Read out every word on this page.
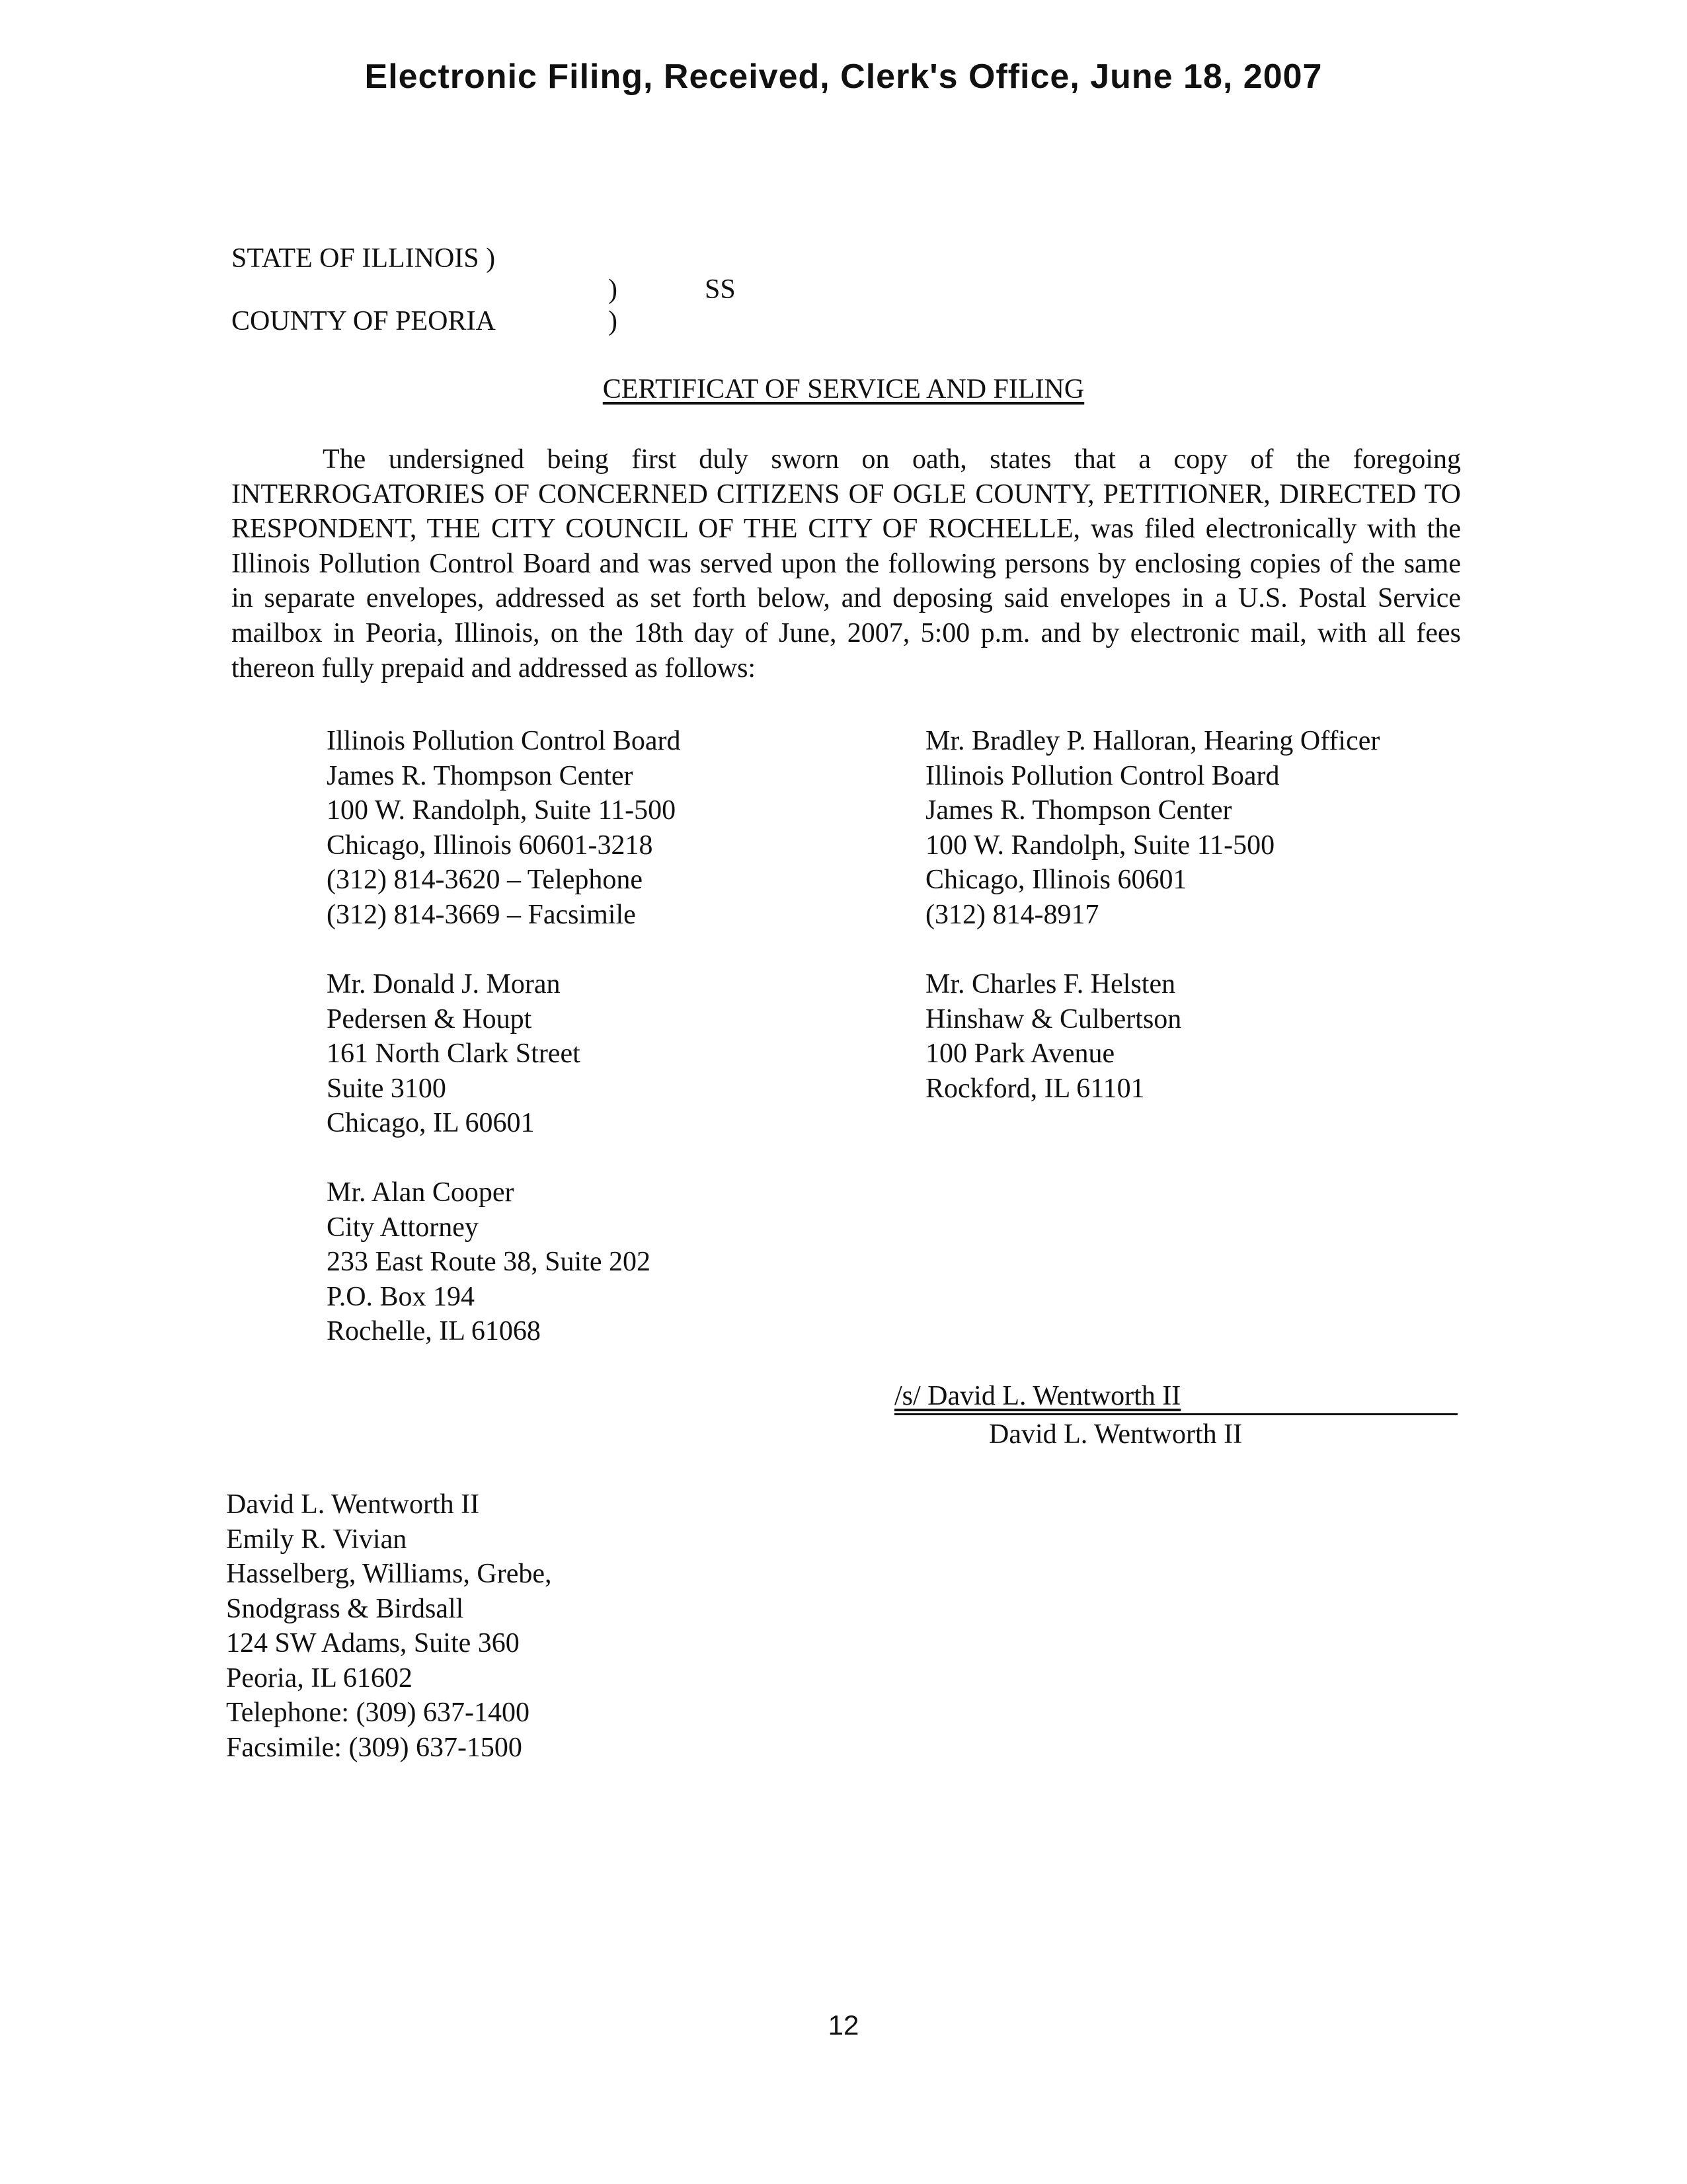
Electronic Filing, Received, Clerk's Office, June 18, 2007
STATE OF ILLINOIS )
)	SS
COUNTY OF PEORIA	)
CERTIFICAT OF SERVICE AND FILING
The undersigned being first duly sworn on oath, states that a copy of the foregoing INTERROGATORIES OF CONCERNED CITIZENS OF OGLE COUNTY, PETITIONER, DIRECTED TO RESPONDENT, THE CITY COUNCIL OF THE CITY OF ROCHELLE, was filed electronically with the Illinois Pollution Control Board and was served upon the following persons by enclosing copies of the same in separate envelopes, addressed as set forth below, and deposing said envelopes in a U.S. Postal Service mailbox in Peoria, Illinois, on the 18th day of June, 2007, 5:00 p.m. and by electronic mail, with all fees thereon fully prepaid and addressed as follows:
Illinois Pollution Control Board
James R. Thompson Center
100 W. Randolph, Suite 11-500
Chicago, Illinois 60601-3218
(312) 814-3620 – Telephone
(312) 814-3669 – Facsimile
Mr. Bradley P. Halloran, Hearing Officer
Illinois Pollution Control Board
James R. Thompson Center
100 W. Randolph, Suite 11-500
Chicago, Illinois 60601
(312) 814-8917
Mr. Donald J. Moran
Pedersen & Houpt
161 North Clark Street
Suite 3100
Chicago, IL 60601
Mr. Charles F. Helsten
Hinshaw & Culbertson
100 Park Avenue
Rockford, IL 61101
Mr. Alan Cooper
City Attorney
233 East Route 38, Suite 202
P.O. Box 194
Rochelle, IL 61068
/s/ David L. Wentworth II
David L. Wentworth II
David L. Wentworth II
Emily R. Vivian
Hasselberg, Williams, Grebe,
Snodgrass & Birdsall
124 SW Adams, Suite 360
Peoria, IL 61602
Telephone: (309) 637-1400
Facsimile: (309) 637-1500
12
